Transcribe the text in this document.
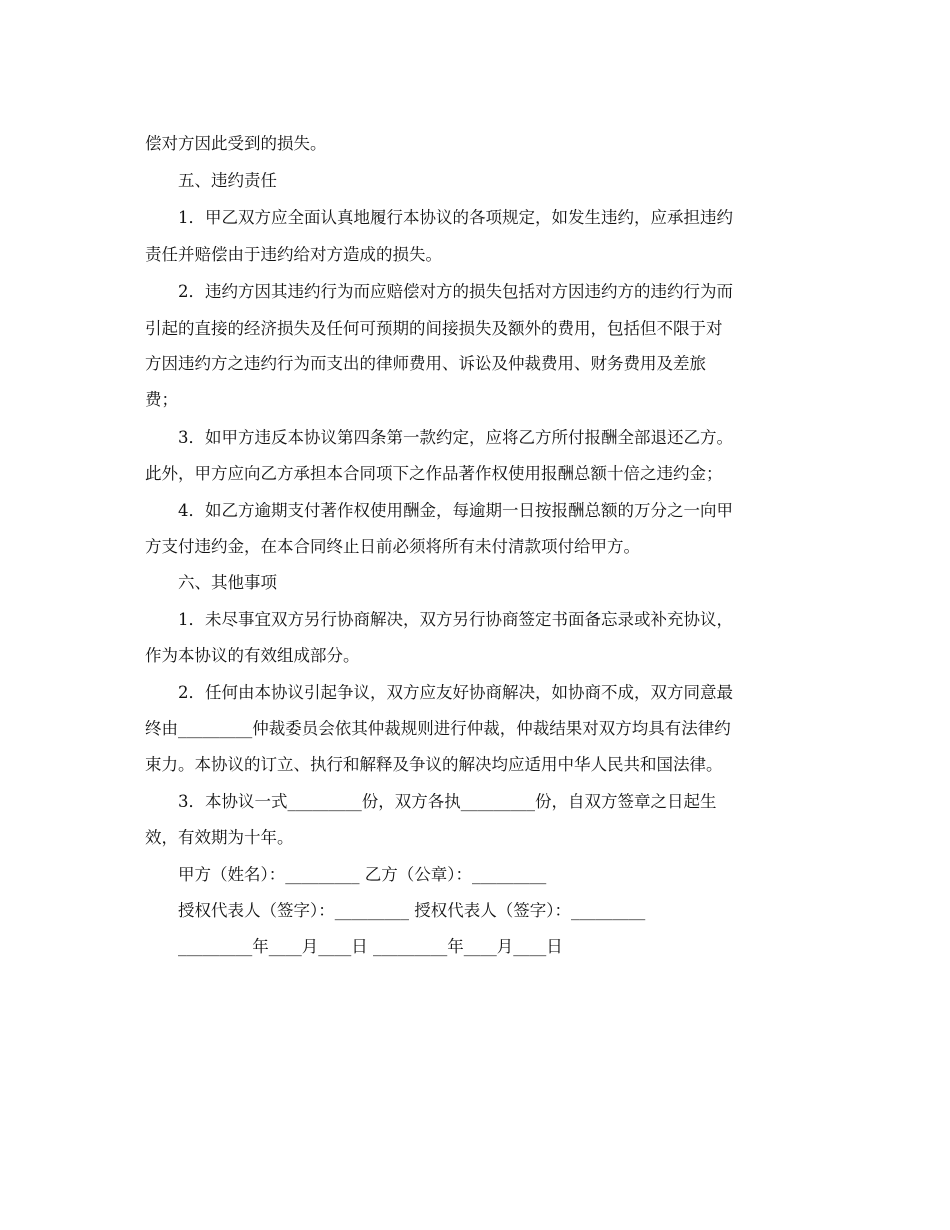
偿对方因此受到的损失。
五、违约责任
1．甲乙双方应全面认真地履行本协议的各项规定，如发生违约，应承担违约
责任并赔偿由于违约给对方造成的损失。
2．违约方因其违约行为而应赔偿对方的损失包括对方因违约方的违约行为而
引起的直接的经济损失及任何可预期的间接损失及额外的费用，包括但不限于对
方因违约方之违约行为而支出的律师费用、诉讼及仲裁费用、财务费用及差旅
费；
3．如甲方违反本协议第四条第一款约定，应将乙方所付报酬全部退还乙方。
此外，甲方应向乙方承担本合同项下之作品著作权使用报酬总额十倍之违约金；
4．如乙方逾期支付著作权使用酬金，每逾期一日按报酬总额的万分之一向甲
方支付违约金，在本合同终止日前必须将所有未付清款项付给甲方。
六、其他事项
1．未尽事宜双方另行协商解决，双方另行协商签定书面备忘录或补充协议，
作为本协议的有效组成部分。
2．任何由本协议引起争议，双方应友好协商解决，如协商不成，双方同意最
终由_________仲裁委员会依其仲裁规则进行仲裁，仲裁结果对双方均具有法律约
束力。本协议的订立、执行和解释及争议的解决均应适用中华人民共和国法律。
3．本协议一式_________份，双方各执_________份，自双方签章之日起生
效，有效期为十年。
甲方（姓名）：_________ 乙方（公章）：_________
授权代表人（签字）：_________ 授权代表人（签字）：_________
_________年____月____日 _________年____月____日
